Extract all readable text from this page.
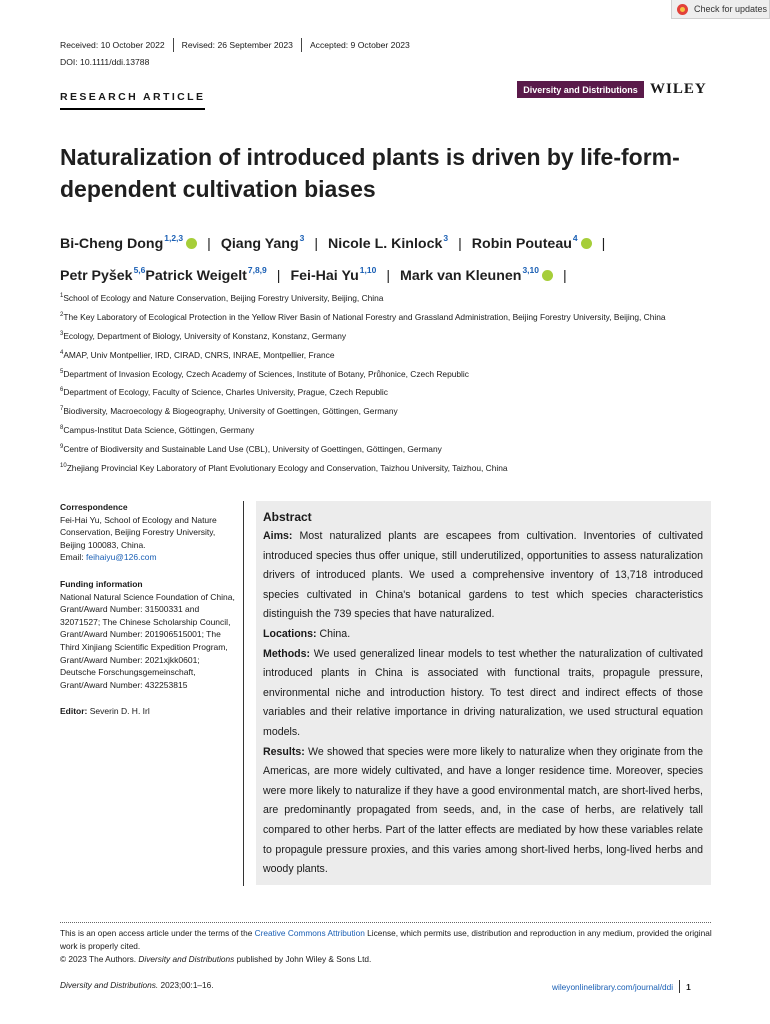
Check for updates
Received: 10 October 2022 Revised: 26 September 2023 Accepted: 9 October 2023
DOI: 10.1111/ddi.13788
RESEARCH ARTICLE
Diversity and Distributions WILEY
Naturalization of introduced plants is driven by life-form-dependent cultivation biases
Bi-Cheng Dong$^{1,2,3}$ | Qiang Yang$^3$ | Nicole L. Kinlock$^3$ | Robin Pouteau$^4$ |
Petr Pyšek$^{5,6}$Patrick Weigelt$^{7,8,9}$ | Fei-Hai Yu$^{1,10}$ | Mark van Kleunen$^{3,10}$ |
$^1$School of Ecology and Nature Conservation, Beijing Forestry University, Beijing, China
$^2$The Key Laboratory of Ecological Protection in the Yellow River Basin of National Forestry and Grassland Administration, Beijing Forestry University, Beijing, China
$^3$Ecology, Department of Biology, University of Konstanz, Konstanz, Germany
$^4$AMAP, Univ Montpellier, IRD, CIRAD, CNRS, INRAE, Montpellier, France
$^5$Department of Invasion Ecology, Czech Academy of Sciences, Institute of Botany, Průhonice, Czech Republic
$^6$Department of Ecology, Faculty of Science, Charles University, Prague, Czech Republic
$^7$Biodiversity, Macroecology & Biogeography, University of Goettingen, Göttingen, Germany
$^8$Campus-Institut Data Science, Göttingen, Germany
$^9$Centre of Biodiversity and Sustainable Land Use (CBL), University of Goettingen, Göttingen, Germany
$^{10}$Zhejiang Provincial Key Laboratory of Plant Evolutionary Ecology and Conservation, Taizhou University, Taizhou, China
Correspondence
Fei-Hai Yu, School of Ecology and Nature Conservation, Beijing Forestry University, Beijing 100083, China.
Email: feihaiyu@126.com
Funding information
National Natural Science Foundation of China, Grant/Award Number: 31500331 and 32071527; The Chinese Scholarship Council, Grant/Award Number: 201906515001; The Third Xinjiang Scientific Expedition Program, Grant/Award Number: 2021xjkk0601; Deutsche Forschungsgemeinschaft, Grant/Award Number: 432253815
Editor: Severin D. H. Irl
Abstract
Aims: Most naturalized plants are escapees from cultivation. Inventories of cultivated introduced species thus offer unique, still underutilized, opportunities to assess naturalization drivers of introduced plants. We used a comprehensive inventory of 13,718 introduced species cultivated in China's botanical gardens to test which species characteristics distinguish the 739 species that have naturalized.
Locations: China.
Methods: We used generalized linear models to test whether the naturalization of cultivated introduced plants in China is associated with functional traits, propagule pressure, environmental niche and introduction history. To test direct and indirect effects of those variables and their relative importance in driving naturalization, we used structural equation models.
Results: We showed that species were more likely to naturalize when they originate from the Americas, are more widely cultivated, and have a longer residence time. Moreover, species were more likely to naturalize if they have a good environmental match, are short-lived herbs, are predominantly propagated from seeds, and, in the case of herbs, are relatively tall compared to other herbs. Part of the latter effects are mediated by how these variables relate to propagule pressure proxies, and this varies among short-lived herbs, long-lived herbs and woody plants.
This is an open access article under the terms of the Creative Commons Attribution License, which permits use, distribution and reproduction in any medium, provided the original work is properly cited.
© 2023 The Authors. Diversity and Distributions published by John Wiley & Sons Ltd.
Diversity and Distributions. 2023;00:1–16.	wileyonlinelibrary.com/journal/ddi 1
